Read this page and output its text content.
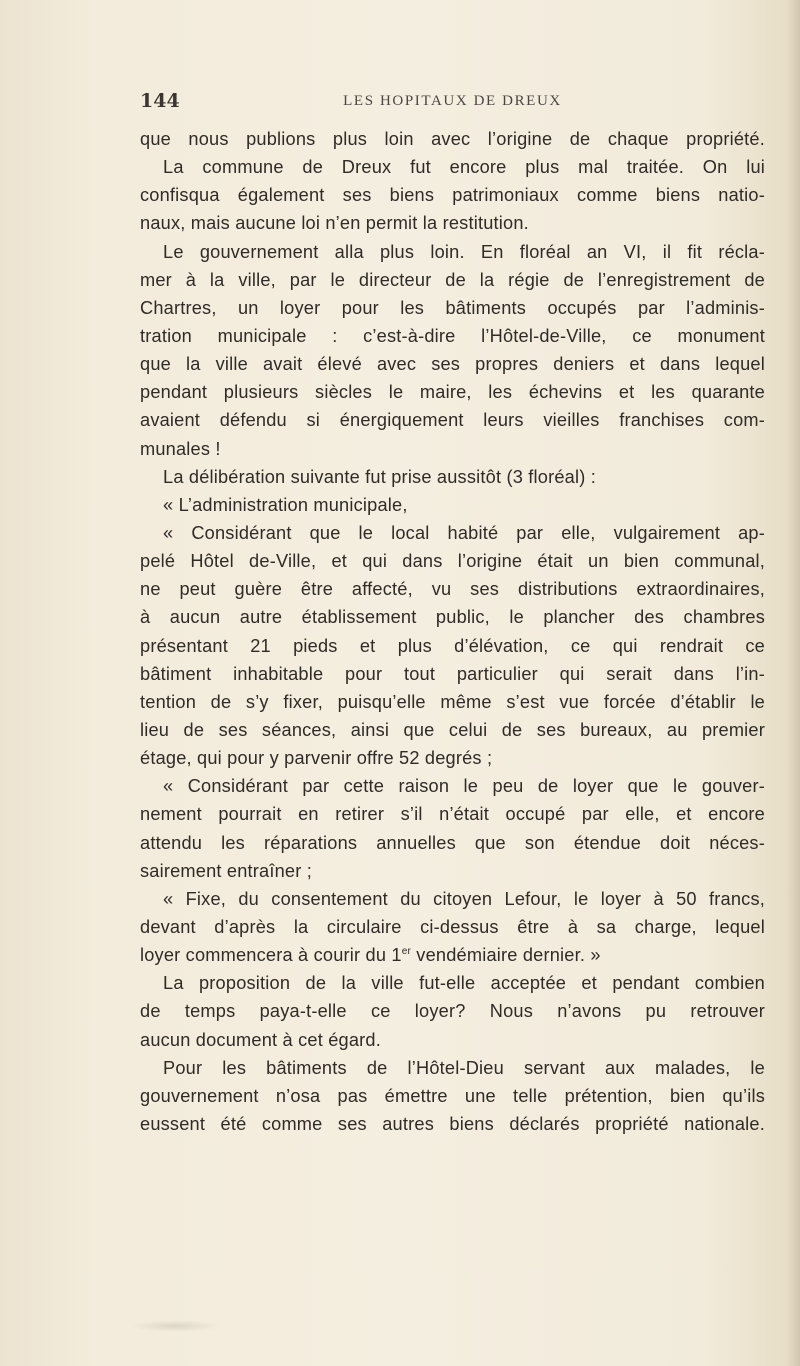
144	LES HOPITAUX DE DREUX
que nous publions plus loin avec l’origine de chaque propriété.
La commune de Dreux fut encore plus mal traitée. On lui
confisqua également ses biens patrimoniaux comme biens natio-
naux, mais aucune loi n’en permit la restitution.
Le gouvernement alla plus loin. En floréal an VI, il fit récla-
mer à la ville, par le directeur de la régie de l’enregistrement de
Chartres, un loyer pour les bâtiments occupés par l’adminis-
tration municipale : c’est-à-dire l’Hôtel-de-Ville, ce monument
que la ville avait élevé avec ses propres deniers et dans lequel
pendant plusieurs siècles le maire, les échevins et les quarante
avaient défendu si énergiquement leurs vieilles franchises com-
munales !
La délibération suivante fut prise aussitôt (3 floréal) :
« L’administration municipale,
« Considérant que le local habité par elle, vulgairement ap-
pelé Hôtel de-Ville, et qui dans l’origine était un bien communal,
ne peut guère être affecté, vu ses distributions extraordinaires,
à aucun autre établissement public, le plancher des chambres
présentant 21 pieds et plus d’élévation, ce qui rendrait ce
bâtiment inhabitable pour tout particulier qui serait dans l’in-
tention de s’y fixer, puisqu’elle même s’est vue forcée d’établir le
lieu de ses séances, ainsi que celui de ses bureaux, au premier
étage, qui pour y parvenir offre 52 degrés ;
« Considérant par cette raison le peu de loyer que le gouver-
nement pourrait en retirer s’il n’était occupé par elle, et encore
attendu les réparations annuelles que son étendue doit néces-
sairement entraîner ;
« Fixe, du consentement du citoyen Lefour, le loyer à 50 francs,
devant d’après la circulaire ci-dessus être à sa charge, lequel
loyer commencera à courir du 1er vendémiaire dernier. »
La proposition de la ville fut-elle acceptée et pendant combien
de temps paya-t-elle ce loyer? Nous n’avons pu retrouver
aucun document à cet égard.
Pour les bâtiments de l’Hôtel-Dieu servant aux malades, le
gouvernement n’osa pas émettre une telle prétention, bien qu’ils
eussent été comme ses autres biens déclarés propriété nationale.
